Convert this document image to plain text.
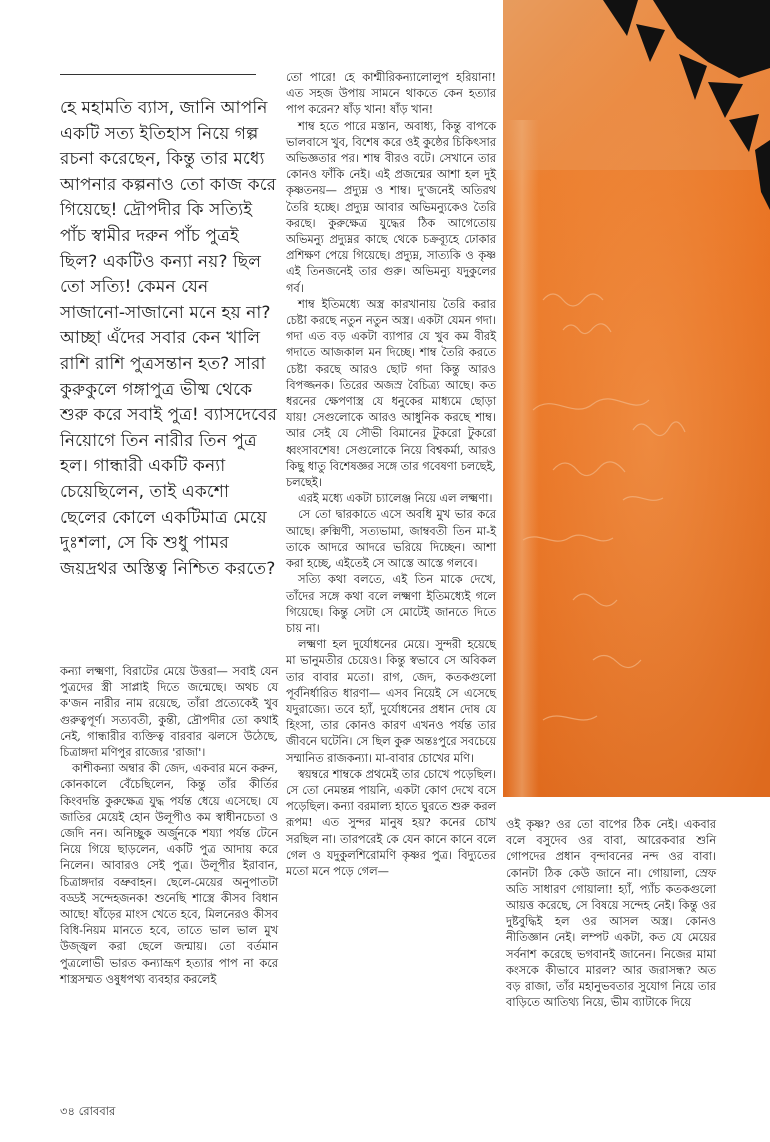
হে মহামতি ব্যাস, জানি আপনি একটি সত্য ইতিহাস নিয়ে গল্প রচনা করেছেন, কিন্তু তার মধ্যে আপনার কল্পনাও তো কাজ করে গিয়েছে! দ্রৌপদীর কি সত্যিই পাঁচ স্বামীর দরুন পাঁচ পুত্রই ছিল? একটিও কন্যা নয়? ছিল তো সত্যি! কেমন যেন সাজানো-সাজানো মনে হয় না? আচ্ছা এঁদের সবার কেন খালি রাশি রাশি পুত্রসন্তান হত? সারা কুরুকুলে গঙ্গাপুত্র ভীষ্ম থেকে শুরু করে সবাই পুত্র! ব্যাসদেবের নিয়োগে তিন নারীর তিন পুত্র হল। গান্ধারী একটি কন্যা চেয়েছিলেন, তাই একশো ছেলের কোলে একটিমাত্র মেয়ে দুঃশলা, সে কি শুধু পামর জয়দ্রথর অস্তিত্ব নিশ্চিত করতে?

কন্যা লক্ষ্মণা, বিরাটের মেয়ে উত্তরা— সবাই যেন পুত্রদের স্ত্রী সাপ্লাই দিতে জন্মেছে। অথচ যে ক'জন নারীর নাম রয়েছে, তাঁরা প্রত্যেকেই খুব গুরুত্বপূর্ণ। সত্যবতী, কুন্তী, দ্রৌপদীর তো কথাই নেই, গান্ধারীর ব্যক্তিত্ব বারবার ঝলসে উঠেছে, চিত্রাঙ্গদা মণিপুর রাজ্যের 'রাজা'।

কাশীকন্যা অম্বার কী জেদ, একবার মনে করুন, কোনকালে বেঁচেছিলেন, কিন্তু তাঁর কীর্তির কিংবদন্তি কুরুক্ষেত্র যুদ্ধ পর্যন্ত ধেয়ে এসেছে। যে জাতির মেয়েই হোন উলূপীও কম স্বাধীনচেতা ও জেদি নন। অনিচ্ছুক অর্জুনকে শয্যা পর্যন্ত টেনে নিয়ে গিয়ে ছাড়লেন, একটি পুত্র আদায় করে নিলেন। আবারও সেই পুত্র। উলূপীর ইরাবান, চিত্রাঙ্গদার বভ্রুবাহন। ছেলে-মেয়ের অনুপাতটা বড্ডই সন্দেহজনক! শুনেছি শাস্ত্রে কীসব বিধান আছে! ষাঁড়ের মাংস খেতে হবে, মিলনেরও কীসব বিধি-নিয়ম মানতে হবে, তাতে ভাল ভাল মুখ উজ্জ্বল করা ছেলে জন্মায়। তো বর্তমান পুত্রলোভী ভারত কন্যাভ্রূণ হত্যার পাপ না করে শাস্ত্রসম্মত ওষুধপথ্য ব্যবহার করলেই

তো পারে! হে কাশ্মীরিকন্যালোলুপ হরিয়ানা! এত সহজ উপায় সামনে থাকতে কেন হত্যার পাপ করেন? ষাঁড় খান! ষাঁড় খান!

শাম্ব হতে পারে মস্তান, অবাধ্য, কিন্তু বাপকে ভালবাসে খুব, বিশেষ করে ওই কুষ্ঠের চিকিৎসার অভিজ্ঞতার পর। শাম্ব বীরও বটে। সেখানে তার কোনও ফাঁকি নেই। এই প্রজন্মের আশা হল দুই কৃষ্ণতনয়— প্রদ্যুম্ন ও শাম্ব। দু'জনেই অতিরথ তৈরি হচ্ছে। প্রদ্যুম্ন আবার অভিমন্যুকেও তৈরি করছে। কুরুক্ষেত্র যুদ্ধের ঠিক আগেতোয় অভিমন্যু প্রদ্যুম্নর কাছে থেকে চক্রব্যূহে ঢোকার প্রশিক্ষণ পেয়ে গিয়েছে। প্রদ্যুম্ন, সাত্যকি ও কৃষ্ণ এই তিনজনেই তার গুরু। অভিমন্যু যদুকুলের গর্ব।

শাম্ব ইতিমধ্যে অস্ত্র কারখানায় তৈরি করার চেষ্টা করছে নতুন নতুন অস্ত্র। একটা যেমন গদা। গদা এত বড় একটা ব্যাপার যে খুব কম বীরই গদাতে আজকাল মন দিচ্ছে। শাম্ব তৈরি করতে চেষ্টা করছে আরও ছোট গদা কিন্তু আরও বিপজ্জনক। তিরের অজস্র বৈচিত্র্য আছে। কত ধরনের ক্ষেপণাস্ত্র যে ধনুকের মাধ্যমে ছোড়া যায়! সেগুলোকে আরও আধুনিক করছে শাম্ব। আর সেই যে সৌভী বিমানের টুকরো টুকরো ধ্বংসাবশেষ! সেগুলোকে নিয়ে বিশ্বকর্মা, আরও কিছু ধাতু বিশেষজ্ঞর সঙ্গে তার গবেষণা চলছেই, চলছেই।

এরই মধ্যে একটা চ্যালেঞ্জ নিয়ে এল লক্ষ্মণা।

সে তো দ্বারকাতে এসে অবধি মুখ ভার করে আছে। রুক্মিণী, সত্যভামা, জাম্ববতী তিন মা-ই তাকে আদরে আদরে ভরিয়ে দিচ্ছেন। আশা করা হচ্ছে, এইতেই সে আস্তে আস্তে গলবে।

সত্যি কথা বলতে, এই তিন মাকে দেখে, তাঁদের সঙ্গে কথা বলে লক্ষ্মণা ইতিমধ্যেই গলে গিয়েছে। কিন্তু সেটা সে মোটেই জানতে দিতে চায় না।

লক্ষ্মণা হল দুর্যোধনের মেয়ে। সুন্দরী হয়েছে মা ভানুমতীর চেয়েও। কিন্তু স্বভাবে সে অবিকল তার বাবার মতো। রাগ, জেদ, কতকগুলো পূর্বনির্ধারিত ধারণা— এসব নিয়েই সে এসেছে যদুরাজ্যে। তবে হ্যাঁ, দুর্যোধনের প্রধান দোষ যে হিংসা, তার কোনও কারণ এখনও পর্যন্ত তার জীবনে ঘটেনি। সে ছিল কুরু অন্তঃপুরে সবচেয়ে সম্মানিত রাজকন্যা। মা-বাবার চোখের মণি।

স্বয়ম্বরে শাম্বকে প্রথমেই তার চোখে পড়েছিল। সে তো নেমন্তন্ন পায়নি, একটা কোণ দেখে বসে পড়েছিল। কন্যা বরমাল্য হাতে ঘুরতে শুরু করল রূপম! এত সুন্দর মানুষ হয়? কনের চোখ সরছিল না। তারপরেই কে যেন কানে কানে বলে গেল ও যদুকুলশিরোমণি কৃষ্ণর পুত্র। বিদ্যুতের মতো মনে পড়ে গেল—

ওই কৃষ্ণ? ওর তো বাপের ঠিক নেই। একবার বলে বসুদেব ওর বাবা, আরেকবার শুনি গোপদের প্রধান বৃন্দাবনের নন্দ ওর বাবা। কোনটা ঠিক কেউ জানে না। গোয়ালা, স্রেফ অতি সাধারণ গোয়ালা! হ্যাঁ, প্যাঁচ কতকগুলো আয়ত্ত করেছে, সে বিষয়ে সন্দেহ নেই। কিন্তু ওর দুষ্টবুদ্ধিই হল ওর আসল অস্ত্র। কোনও নীতিজ্ঞান নেই। লম্পট একটা, কত যে মেয়ের সর্বনাশ করেছে ভগবানই জানেন। নিজের মামা কংসকে কীভাবে মারল? আর জরাসন্ধ? অত বড় রাজা, তাঁর মহানুভবতার সুযোগ নিয়ে তার বাড়িতে আতিথ্য নিয়ে, ভীম ব্যাটাকে দিয়ে

৩৪ রোববার
